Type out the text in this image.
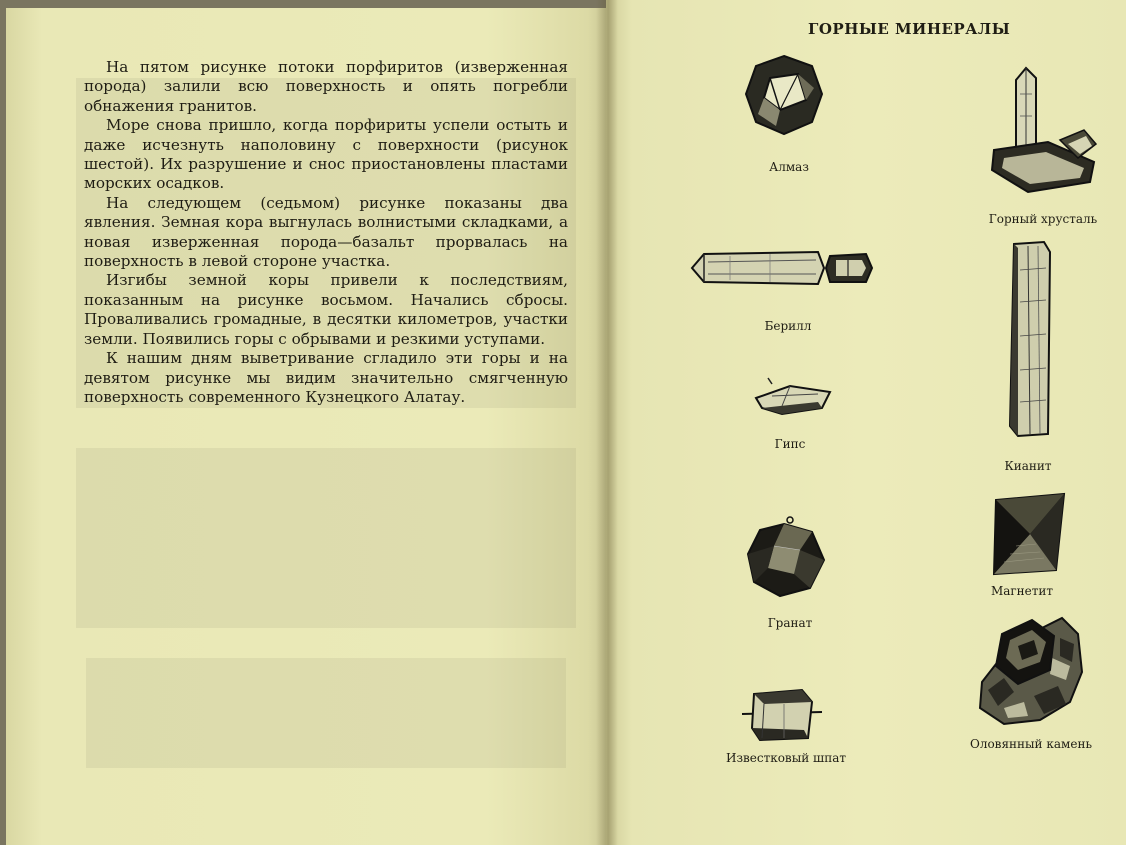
На пятом рисунке потоки порфиритов (изверженная порода) залили всю поверхность и опять погребли обнажения гранитов.

Море снова пришло, когда порфириты успели остыть и даже исчезнуть наполовину с поверхности (рисунок шестой). Их разрушение и снос приостановлены пластами морских осадков.

На следующем (седьмом) рисунке показаны два явления. Земная кора выгнулась волнистыми складками, а новая изверженная порода—базальт прорвалась на поверхность в левой стороне участка.

Изгибы земной коры привели к последствиям, показанным на рисунке восьмом. Начались сбросы. Проваливались громадные, в десятки километров, участки земли. Появились горы с обрывами и резкими уступами.

К нашим дням выветривание сгладило эти горы и на девятом рисунке мы видим значительно смягченную поверхность современного Кузнецкого Алатау.

ГОРНЫЕ МИНЕРАЛЫ
Алмаз
Горный хрусталь
Берилл
Кианит
Гипс
Гранат
Магнетит
Известковый шпат
Оловянный камень
